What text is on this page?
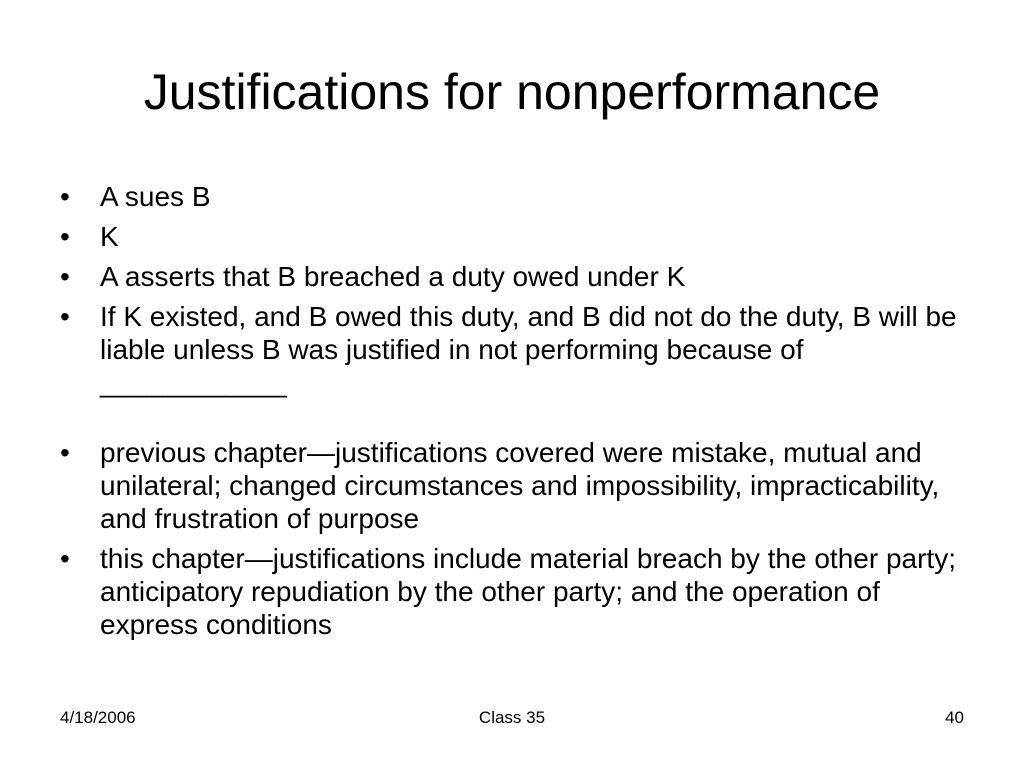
Justifications for nonperformance
• A sues B
• K
• A asserts that B breached a duty owed under K
• If K existed, and B owed this duty, and B did not do the duty, B will be liable unless B was justified in not performing because of ____________
• previous chapter—justifications covered were mistake, mutual and unilateral; changed circumstances and impossibility, impracticability, and frustration of purpose
• this chapter—justifications include material breach by the other party; anticipatory repudiation by the other party; and the operation of express conditions
4/18/2006	Class 35	40
